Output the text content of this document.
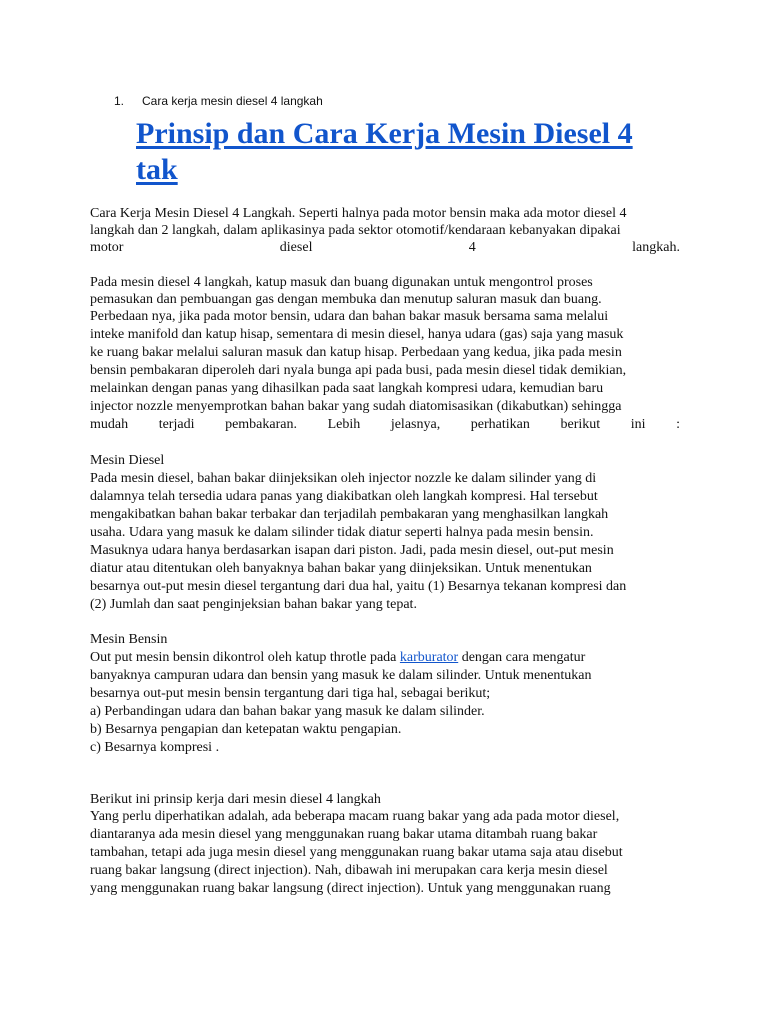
1. Cara kerja mesin diesel 4 langkah
Prinsip dan Cara Kerja Mesin Diesel 4 tak
Cara Kerja Mesin Diesel 4 Langkah. Seperti halnya pada motor bensin maka ada motor diesel 4
langkah dan 2 langkah, dalam aplikasinya pada sektor otomotif/kendaraan kebanyakan dipakai
motor	diesel	4	langkah.
Pada mesin diesel 4 langkah, katup masuk dan buang digunakan untuk mengontrol proses
pemasukan dan pembuangan gas dengan membuka dan menutup saluran masuk dan buang.
Perbedaan nya, jika pada motor bensin, udara dan bahan bakar masuk bersama sama melalui
inteke manifold dan katup hisap, sementara di mesin diesel, hanya udara (gas) saja yang masuk
ke ruang bakar melalui saluran masuk dan katup hisap. Perbedaan yang kedua, jika pada mesin
bensin pembakaran diperoleh dari nyala bunga api pada busi, pada mesin diesel tidak demikian,
melainkan dengan panas yang dihasilkan pada saat langkah kompresi udara, kemudian baru
injector nozzle menyemprotkan bahan bakar yang sudah diatomisasikan (dikabutkan) sehingga
mudah terjadi pembakaran. Lebih jelasnya, perhatikan berikut ini :
Mesin Diesel
Pada mesin diesel, bahan bakar diinjeksikan oleh injector nozzle ke dalam silinder yang di
dalamnya telah tersedia udara panas yang diakibatkan oleh langkah kompresi. Hal tersebut
mengakibatkan bahan bakar terbakar dan terjadilah pembakaran yang menghasilkan langkah
usaha. Udara yang masuk ke dalam silinder tidak diatur seperti halnya pada mesin bensin.
Masuknya udara hanya berdasarkan isapan dari piston. Jadi, pada mesin diesel, out-put mesin
diatur atau ditentukan oleh banyaknya bahan bakar yang diinjeksikan. Untuk menentukan
besarnya out-put mesin diesel tergantung dari dua hal, yaitu (1) Besarnya tekanan kompresi dan
(2) Jumlah dan saat penginjeksian bahan bakar yang tepat.
Mesin Bensin
Out put mesin bensin dikontrol oleh katup throtle pada karburator dengan cara mengatur
banyaknya campuran udara dan bensin yang masuk ke dalam silinder. Untuk menentukan
besarnya out-put mesin bensin tergantung dari tiga hal, sebagai berikut;
a) Perbandingan udara dan bahan bakar yang masuk ke dalam silinder.
b) Besarnya pengapian dan ketepatan waktu pengapian.
c) Besarnya kompresi .
Berikut ini prinsip kerja dari mesin diesel 4 langkah
Yang perlu diperhatikan adalah, ada beberapa macam ruang bakar yang ada pada motor diesel,
diantaranya ada mesin diesel yang menggunakan ruang bakar utama ditambah ruang bakar
tambahan, tetapi ada juga mesin diesel yang menggunakan ruang bakar utama saja atau disebut
ruang bakar langsung (direct injection). Nah, dibawah ini merupakan cara kerja mesin diesel
yang menggunakan ruang bakar langsung (direct injection). Untuk yang menggunakan ruang
